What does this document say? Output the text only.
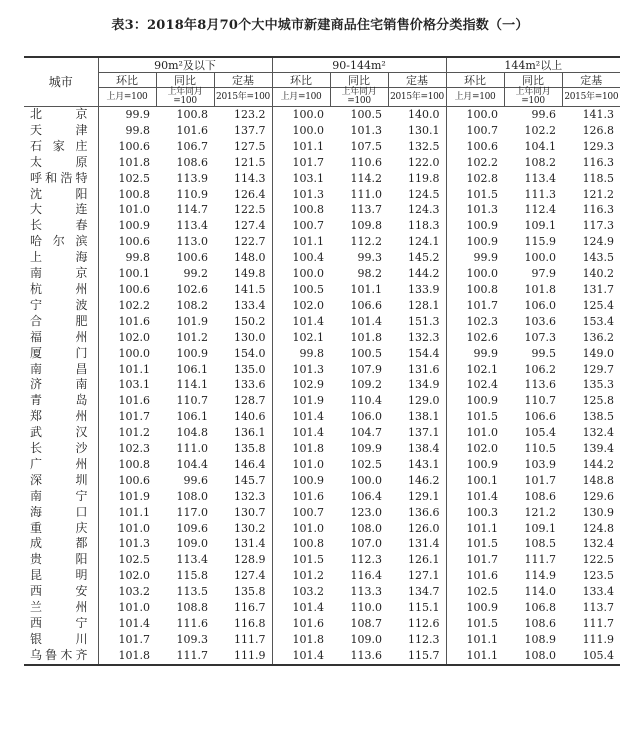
表3：2018年8月70个大中城市新建商品住宅销售价格分类指数（一）
城市	90m²及以下			90-144m²			144m²以上		
	环比	同比	定基	环比	同比	定基	环比	同比	定基
	上月=100	上年同月=100	2015年=100	上月=100	上年同月=100	2015年=100	上月=100	上年同月=100	2015年=100
北京	99.9	100.8	123.2	100.0	100.5	140.0	100.0	99.6	141.3
天津	99.8	101.6	137.7	100.0	101.3	130.1	100.7	102.2	126.8
石家庄	100.6	106.7	127.5	101.1	107.5	132.5	100.6	104.1	129.3
太原	101.8	108.6	121.5	101.7	110.6	122.0	102.2	108.2	116.3
呼和浩特	102.5	113.9	114.3	103.1	114.2	119.8	102.8	113.4	118.5
沈阳	100.8	110.9	126.4	101.3	111.0	124.5	101.5	111.3	121.2
大连	101.0	114.7	122.5	100.8	113.7	124.3	101.3	112.4	116.3
长春	100.9	113.4	127.4	100.7	109.8	118.3	100.9	109.1	117.3
哈尔滨	100.6	113.0	122.7	101.1	112.2	124.1	100.9	115.9	124.9
上海	99.8	100.6	148.0	100.4	99.3	145.2	99.9	100.0	143.5
南京	100.1	99.2	149.8	100.0	98.2	144.2	100.0	97.9	140.2
杭州	100.6	102.6	141.5	100.5	101.1	133.9	100.8	101.8	131.7
宁波	102.2	108.2	133.4	102.0	106.6	128.1	101.7	106.0	125.4
合肥	101.6	101.9	150.2	101.4	101.4	151.3	102.3	103.6	153.4
福州	102.0	101.2	130.0	102.1	101.8	132.3	102.6	107.3	136.2
厦门	100.0	100.9	154.0	99.8	100.5	154.4	99.9	99.5	149.0
南昌	101.1	106.1	135.0	101.3	107.9	131.6	102.1	106.2	129.7
济南	103.1	114.1	133.6	102.9	109.2	134.9	102.4	113.6	135.3
青岛	101.6	110.7	128.7	101.9	110.4	129.0	100.9	110.7	125.8
郑州	101.7	106.1	140.6	101.4	106.0	138.1	101.5	106.6	138.5
武汉	101.2	104.8	136.1	101.4	104.7	137.1	101.0	105.4	132.4
长沙	102.3	111.0	135.8	101.8	109.9	138.4	102.0	110.5	139.4
广州	100.8	104.4	146.4	101.0	102.5	143.1	100.9	103.9	144.2
深圳	100.6	99.6	145.7	100.9	100.0	146.2	100.1	101.7	148.8
南宁	101.9	108.0	132.3	101.6	106.4	129.1	101.4	108.6	129.6
海口	101.1	117.0	130.7	100.7	123.0	136.6	100.3	121.2	130.9
重庆	101.0	109.6	130.2	101.0	108.0	126.0	101.1	109.1	124.8
成都	101.3	109.0	131.4	100.8	107.0	131.4	101.5	108.5	132.4
贵阳	102.5	113.4	128.9	101.5	112.3	126.1	101.7	111.7	122.5
昆明	102.0	115.8	127.4	101.2	116.4	127.1	101.6	114.9	123.5
西安	103.2	113.5	135.8	103.2	113.3	134.7	102.5	114.0	133.4
兰州	101.0	108.8	116.7	101.4	110.0	115.1	100.9	106.8	113.7
西宁	101.4	111.6	116.8	101.6	108.7	112.6	101.5	108.6	111.7
银川	101.7	109.3	111.7	101.8	109.0	112.3	101.1	108.9	111.9
乌鲁木齐	101.8	111.7	111.9	101.4	113.6	115.7	101.1	108.0	105.4
